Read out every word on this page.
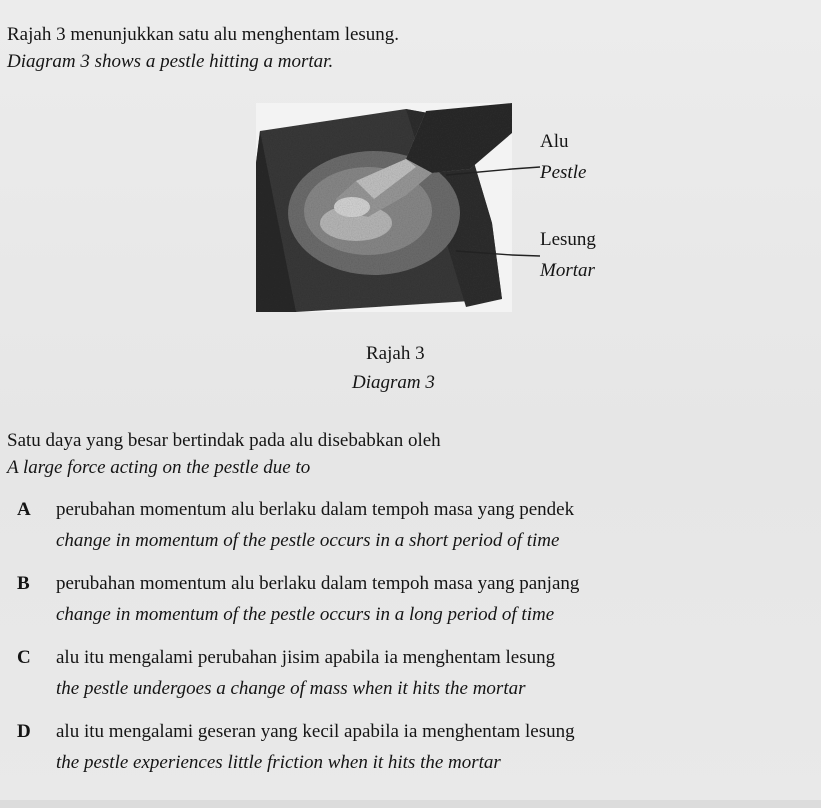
Rajah 3 menunjukkan satu alu menghentam lesung.
Diagram 3 shows a pestle hitting a mortar.
Alu
Pestle
Lesung
Mortar
Rajah 3
Diagram 3
Satu daya yang besar bertindak pada alu disebabkan oleh
A large force acting on the pestle due to
A perubahan momentum alu berlaku dalam tempoh masa yang pendek
change in momentum of the pestle occurs in a short period of time
B perubahan momentum alu berlaku dalam tempoh masa yang panjang
change in momentum of the pestle occurs in a long period of time
C alu itu mengalami perubahan jisim apabila ia menghentam lesung
the pestle undergoes a change of mass when it hits the mortar
D alu itu mengalami geseran yang kecil apabila ia menghentam lesung
the pestle experiences little friction when it hits the mortar
